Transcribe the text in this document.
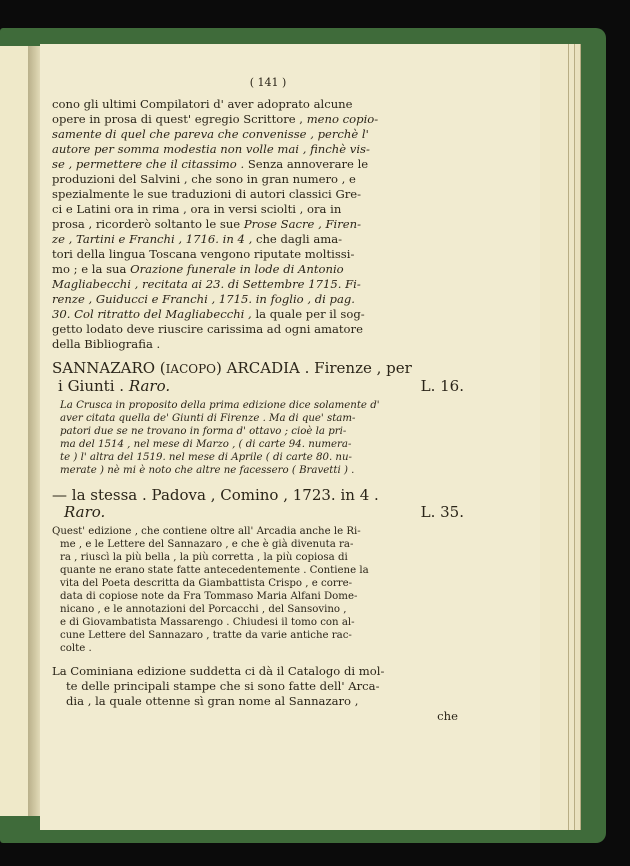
( 141 )
cono gli ultimi Compilatori d' aver adoprato alcune
opere in prosa di quest' egregio Scrittore , meno copio-
samente di quel che pareva che convenisse , perchè l'
autore per somma modestia non volle mai , finchè vis-
se , permettere che il citassimo . Senza annoverare le
produzioni del Salvini , che sono in gran numero , e
spezialmente le sue traduzioni di autori classici Gre-
ci e Latini ora in rima , ora in versi sciolti , ora in
prosa , ricorderò soltanto le sue Prose Sacre , Firen-
ze , Tartini e Franchi , 1716. in 4 , che dagli ama-
tori della lingua Toscana vengono riputate moltissi-
mo ; e la sua Orazione funerale in lode di Antonio
Magliabecchi , recitata ai 23. di Settembre 1715. Fi-
renze , Guiducci e Franchi , 1715. in foglio , di pag.
30. Col ritratto del Magliabecchi , la quale per il sog-
getto lodato deve riuscire carissima ad ogni amatore
della Bibliografia .
SANNAZARO (IACOPO) ARCADIA . Firenze , per
i Giunti . Raro.	L. 16.
La Crusca in proposito della prima edizione dice solamente d'
aver citata quella de' Giunti di Firenze . Ma di que' stam-
patori due se ne trovano in forma d' ottavo ; cioè la pri-
ma del 1514 , nel mese di Marzo , ( di carte 94. numera-
te ) l' altra del 1519. nel mese di Aprile ( di carte 80. nu-
merate ) nè mi è noto che altre ne facessero ( Bravetti ) .
— la stessa . Padova , Comino , 1723. in 4 .
Raro.	L. 35.
Quest' edizione , che contiene oltre all' Arcadia anche le Ri-
me , e le Lettere del Sannazaro , e che è già divenuta ra-
ra , riuscì la più bella , la più corretta , la più copiosa di
quante ne erano state fatte antecedentemente . Contiene la
vita del Poeta descritta da Giambattista Crispo , e corre-
data di copiose note da Fra Tommaso Maria Alfani Dome-
nicano , e le annotazioni del Porcacchi , del Sansovino ,
e di Giovambatista Massarengo . Chiudesi il tomo con al-
cune Lettere del Sannazaro , tratte da varie antiche rac-
colte .
La Cominiana edizione suddetta ci dà il Catalogo di mol-
te delle principali stampe che si sono fatte dell' Arca-
dia , la quale ottenne sì gran nome al Sannazaro ,
che
